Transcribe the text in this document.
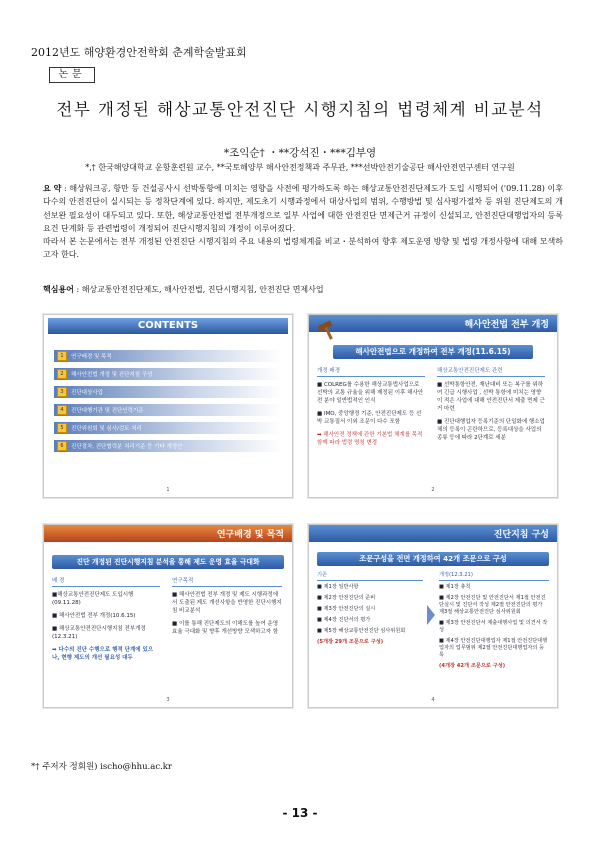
2012년도 해양환경안전학회 춘계학술발표회
논문
전부 개정된 해상교통안전진단 시행지침의 법령체계 비교분석
*조익순† ・**강석진・***김부영
*,† 한국해양대학교 운항훈련원 교수, **국토해양부 해사안전정책과 주무관, ***선박안전기술공단 해사안전연구센터 연구원
요 약 : 해상워크공, 항만 등 건설공사시 선박통항에 미치는 영향을 사전에 평가하도록 하는 해상교통안전진단제도가 도입 시행되어 ('09.11.28) 이후 다수의 안전진단이 실시되는 등 정착단계에 있다. 하지만, 제도초기 시행과정에서 대상사업의 범위, 수행방법 및 심사평가절차 등 위원 진단제도의 개선보완 필요성이 대두되고 있다. 또한, 해상교통안전법 전부개정으로 일부 사업에 대한 안전진단 면제근거 규정이 신설되고, 안전진단대행업자의 등록요건 단계화 등 관련법령이 개정되어 진단시행지침의 개정이 이루어졌다.
따라서 본 논문에서는 전부 개정된 안전진단 시행지침의 주요 내용의 법령체계를 비교・분석하여 향후 제도운영 방향 및 법령 개정사항에 대해 모색하고자 한다.
핵심용어 : 해상교통안전진단제도, 해사안전법, 진단시행지침, 안전진단 면제사업
CONTENTS
1	연구배경 및 목적
2	해사안전법 개정 및 진단지침 구성
3	진단대상사업
4	진단대행기관 및 진단인력기준
5	진단위원회 및 심사/검토 처리
6	진단절차, 진단협력분 처리기준 등 기타 개정안
1
해사안전법 전부 개정
해사안전법으로 개정하여 전부 개정(11.6.15)
개정 배경

■ COLREG를 수용한 해상교통법사업으로 선박의 교통 규율을 위해 제정된 이후 해사안전 분야 일반법적인 인식

■ IMO, 중앙행정 기준, 안전진단제도 등 선박 교통질서 이외 조문이 다수 포함

➡ 해사안전 정책에 관한 기본법 체계를 목적 함께 따라 법령 명칭 변경

해상교통안전진단제도 관련

■ 선박통항안전, 재난대비 또는 복구를 위하여 긴급 시행사업 , 선박 통항에 미치는 영향이 적은 사업에 대해 안전진단서 제출 면제 근거 마련

■ 진단대행업자 등록기준의 단일화에 행소업체의 등록이 곤란하므로, 등록대상을 사업의 종류 등에 따라 2단계로 세분

2
연구배경 및 목적
진단 개정된 진단시행지침 분석을 통해 제도 운영 효율 극대화
배 경

■해상교통안전진단제도 도입시행 (09.11.28)

■ 해사안전법 전부 개정(10.6.15)

■ 해상교통안전진단시행지침 전부개정 (12.3.21)

➡ 다수의 진단 수행으로 행적 단계에 있으나, 현행 제도의 개선 필요성 대두

연구목적

■ 해사안전법 전부 개정 및 제도 시행과정에서 도출된 제도 개선사항을 반영한 진단시행지침 비교분석

■ 이를 통해 진단제도의 이해도를 높여 운영 효율 극대화 및 향후 개선방향 모색하고자 함

3
진단지침 구성
조문구성을 전면 개정하여 42개 조문으로 구성
기존

■ 제1장 일반사항

■ 제2장 안전진단의 준비

■ 제3장 안전진단의 실시

■ 제4장 진단서의 평가

■ 제5장 해상교통안전진단 심사위원회

(5개장 29개 조문으로 구성)

개정(12.3.21)

■ 제1장 총칙

■ 제2장 안전진단 및 안전진단서 제1절 안전진단실시 및 진단서 작성 제2절 안전진단의 평가 제3절 해상교통안전진단 심사위원회

■ 제3장 안전진단서 제출대행사업 및 의견서 작성

■ 제4장 안전진단대행업자 제1절 안전진단대행업자의 업무범위 제2절 안전진단대행업자의 등록

(4개장 42개 조문으로 구성)

4
*† 주저자 정회원) ischo@hhu.ac.kr
- 13 -
